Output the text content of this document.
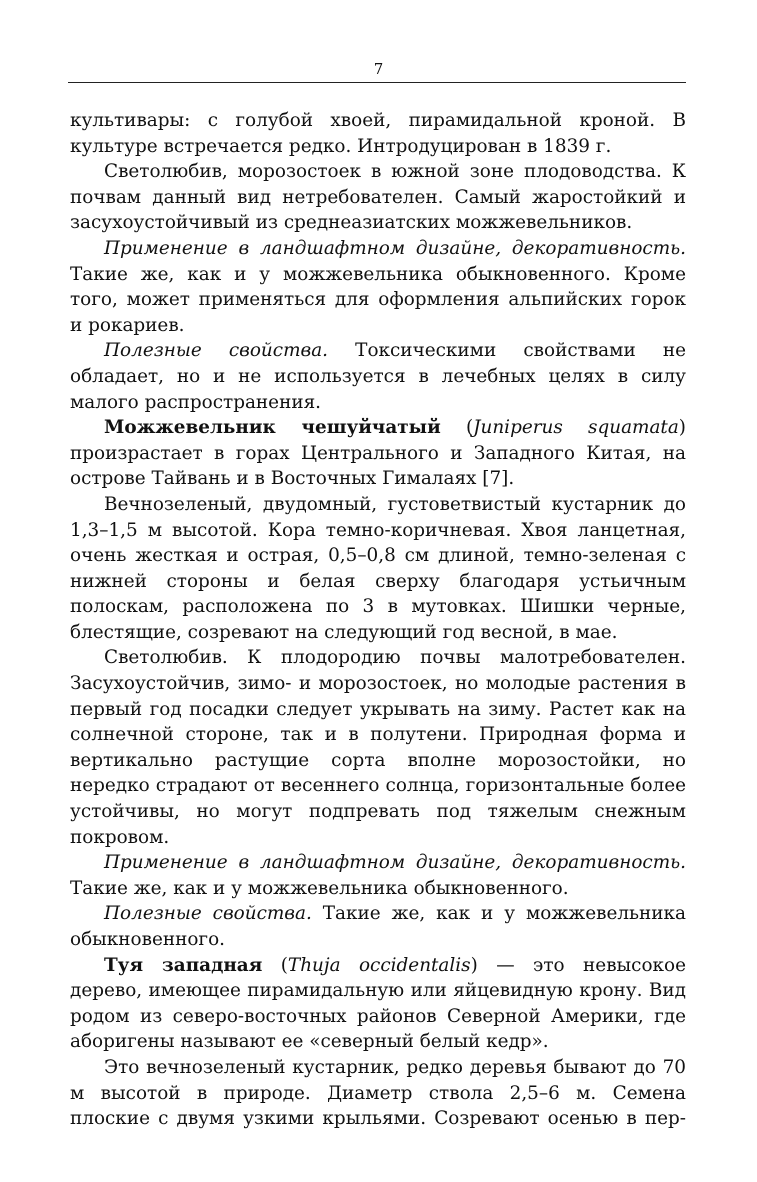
7

культивары: с голубой хвоей, пирамидальной кроной. В культуре встречается редко. Интродуцирован в 1839 г.

Светолюбив, морозостоек в южной зоне плодоводства. К почвам данный вид нетребователен. Самый жаростойкий и засухоустойчивый из среднеазиатских можжевельников.

Применение в ландшафтном дизайне, декоративность. Такие же, как и у можжевельника обыкновенного. Кроме того, может применяться для оформления альпийских горок и рокариев.

Полезные свойства. Токсическими свойствами не обладает, но и не используется в лечебных целях в силу малого распространения.

Можжевельник чешуйчатый (Juniperus squamata) произрастает в горах Центрального и Западного Китая, на острове Тайвань и в Восточных Гималаях [7].

Вечнозеленый, двудомный, густоветвистый кустарник до 1,3–1,5 м высотой. Кора темно-коричневая. Хвоя ланцетная, очень жесткая и острая, 0,5–0,8 см длиной, темно-зеленая с нижней стороны и белая сверху благодаря устьичным полоскам, расположена по 3 в мутовках. Шишки черные, блестящие, созревают на следующий год весной, в мае.

Светолюбив. К плодородию почвы малотребователен. Засухоустойчив, зимо- и морозостоек, но молодые растения в первый год посадки следует укрывать на зиму. Растет как на солнечной стороне, так и в полутени. Природная форма и вертикально растущие сорта вполне морозостойки, но нередко страдают от весеннего солнца, горизонтальные более устойчивы, но могут подпревать под тяжелым снежным покровом.

Применение в ландшафтном дизайне, декоративность. Такие же, как и у можжевельника обыкновенного.

Полезные свойства. Такие же, как и у можжевельника обыкновенного.

Туя западная (Thuja occidentalis) — это невысокое дерево, имеющее пирамидальную или яйцевидную крону. Вид родом из северо-восточных районов Северной Америки, где аборигены называют ее «северный белый кедр».

Это вечнозеленый кустарник, редко деревья бывают до 70 м высотой в природе. Диаметр ствола 2,5–6 м. Семена плоские с двумя узкими крыльями. Созревают осенью в пер-
